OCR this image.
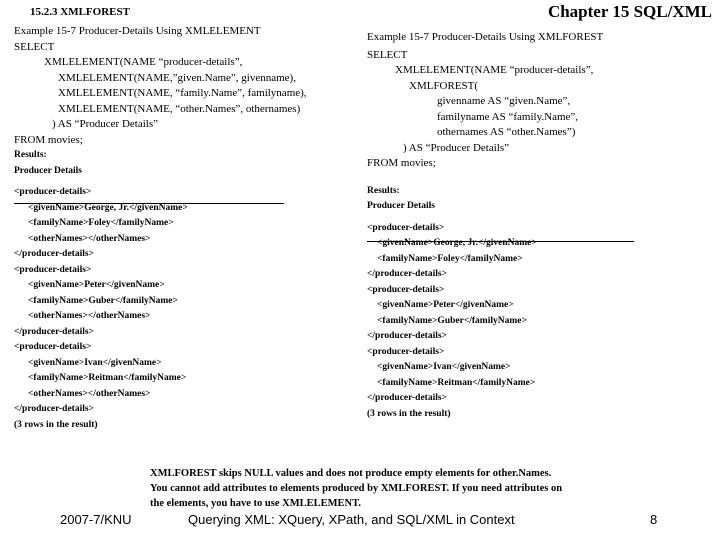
15.2.3 XMLFOREST	Chapter 15 SQL/XML
Example 15-7 Producer-Details Using XMLELEMENT
SELECT
XMLELEMENT(NAME “producer-details”,
XMLELEMENT(NAME,”given.Name”, givenname),
XMLELEMENT(NAME, “family.Name”, familyname),
XMLELEMENT(NAME, “other.Names”, othernames)
) AS “Producer Details”
FROM movies;
Results:
Producer Details
<producer-details>
<givenName>George, Jr.</givenName>
<familyName>Foley</familyName>
<otherNames></otherNames>
</producer-details>
<producer-details>
<givenName>Peter</givenName>
<familyName>Guber</familyName>
<otherNames></otherNames>
</producer-details>
<producer-details>
<givenName>Ivan</givenName>
<familyName>Reitman</familyName>
<otherNames></otherNames>
</producer-details>
(3 rows in the result)
Example 15-7 Producer-Details Using XMLFOREST
SELECT
XMLELEMENT(NAME “producer-details”,
XMLFOREST(
givenname AS “given.Name”,
familyname AS “family.Name”,
othernames AS “other.Names”)
) AS “Producer Details”
FROM movies;
Results:
Producer Details
<producer-details>
<givenName>George, Jr.</givenName>
<familyName>Foley</familyName>
</producer-details>
<producer-details>
<givenName>Peter</givenName>
<familyName>Guber</familyName>
</producer-details>
<producer-details>
<givenName>Ivan</givenName>
<familyName>Reitman</familyName>
</producer-details>
(3 rows in the result)
XMLFOREST skips NULL values and does not produce empty elements for other.Names.
You cannot add attributes to elements produced by XMLFOREST. If you need attributes on
the elements, you have to use XMLELEMENT.
2007-7/KNU	Querying XML: XQuery, XPath, and SQL/XML in Context	8
